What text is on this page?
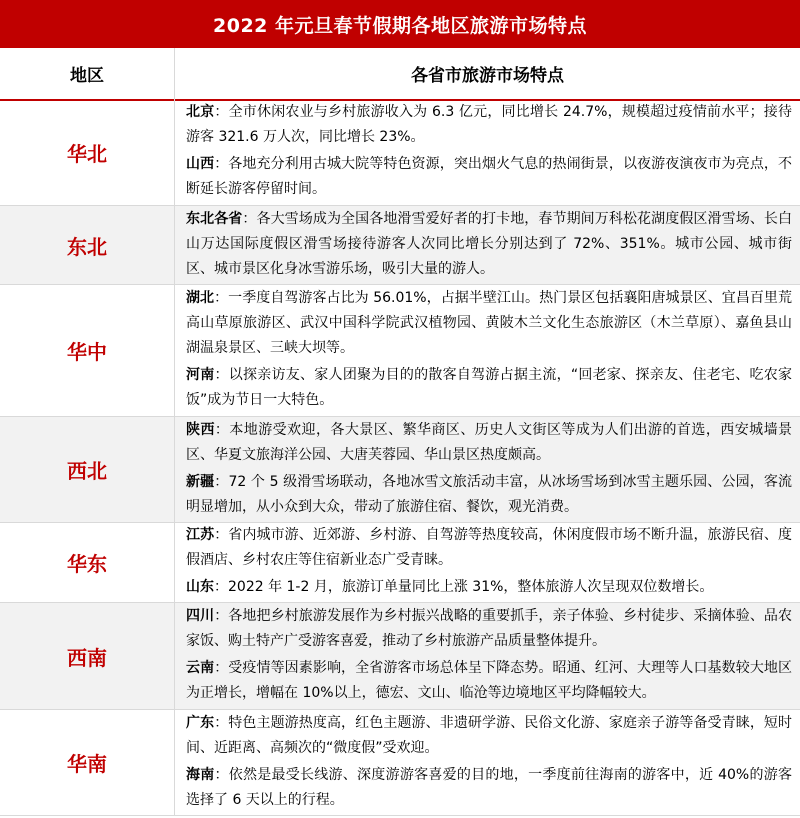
2022 年元旦春节假期各地区旅游市场特点
地区	各省市旅游市场特点
华北
北京：全市休闲农业与乡村旅游收入为 6.3 亿元，同比增长 24.7%，规模超过疫情前水平；接待游客 321.6 万人次，同比增长 23%。
山西：各地充分利用古城大院等特色资源，突出烟火气息的热闹街景，以夜游夜演夜市为亮点，不断延长游客停留时间。
东北
东北各省：各大雪场成为全国各地滑雪爱好者的打卡地，春节期间万科松花湖度假区滑雪场、长白山万达国际度假区滑雪场接待游客人次同比增长分别达到了 72%、351%。城市公园、城市街区、城市景区化身冰雪游乐场，吸引大量的游人。
华中
湖北：一季度自驾游客占比为 56.01%，占据半壁江山。热门景区包括襄阳唐城景区、宜昌百里荒高山草原旅游区、武汉中国科学院武汉植物园、黄陂木兰文化生态旅游区（木兰草原）、嘉鱼县山湖温泉景区、三峡大坝等。
河南：以探亲访友、家人团聚为目的的散客自驾游占据主流，“回老家、探亲友、住老宅、吃农家饭”成为节日一大特色。
西北
陕西：本地游受欢迎，各大景区、繁华商区、历史人文街区等成为人们出游的首选，西安城墙景区、华夏文旅海洋公园、大唐芙蓉园、华山景区热度颇高。
新疆：72 个 5 级滑雪场联动，各地冰雪文旅活动丰富，从冰场雪场到冰雪主题乐园、公园，客流明显增加，从小众到大众，带动了旅游住宿、餐饮，观光消费。
华东
江苏：省内城市游、近郊游、乡村游、自驾游等热度较高，休闲度假市场不断升温，旅游民宿、度假酒店、乡村农庄等住宿新业态广受青睐。
山东：2022 年 1-2 月，旅游订单量同比上涨 31%，整体旅游人次呈现双位数增长。
西南
四川：各地把乡村旅游发展作为乡村振兴战略的重要抓手，亲子体验、乡村徒步、采摘体验、品农家饭、购土特产广受游客喜爱，推动了乡村旅游产品质量整体提升。
云南：受疫情等因素影响，全省游客市场总体呈下降态势。昭通、红河、大理等人口基数较大地区为正增长，增幅在 10%以上，德宏、文山、临沧等边境地区平均降幅较大。
华南
广东：特色主题游热度高，红色主题游、非遗研学游、民俗文化游、家庭亲子游等备受青睐，短时间、近距离、高频次的“微度假”受欢迎。
海南：依然是最受长线游、深度游游客喜爱的目的地，一季度前往海南的游客中，近 40%的游客选择了 6 天以上的行程。
